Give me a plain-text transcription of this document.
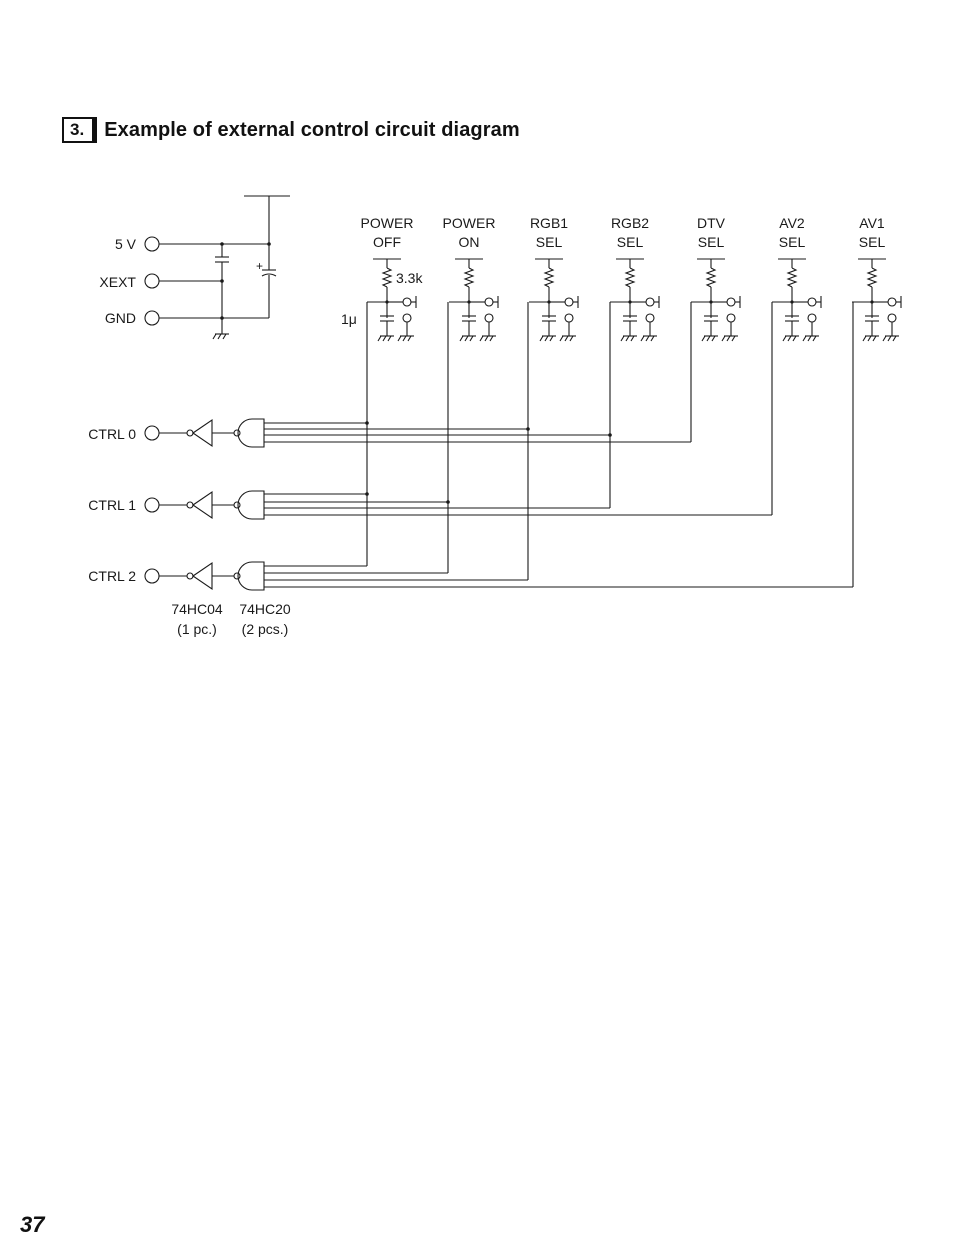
3.	Example of external control circuit diagram
5 V
XEXT
GND
+
POWER
OFF
POWER
ON
RGB1
SEL
RGB2
SEL
DTV
SEL
AV2
SEL
AV1
SEL
3.3k
1μ
CTRL 0
CTRL 1
CTRL 2
74HC04
(1 pc.)
74HC20
(2 pcs.)
37
